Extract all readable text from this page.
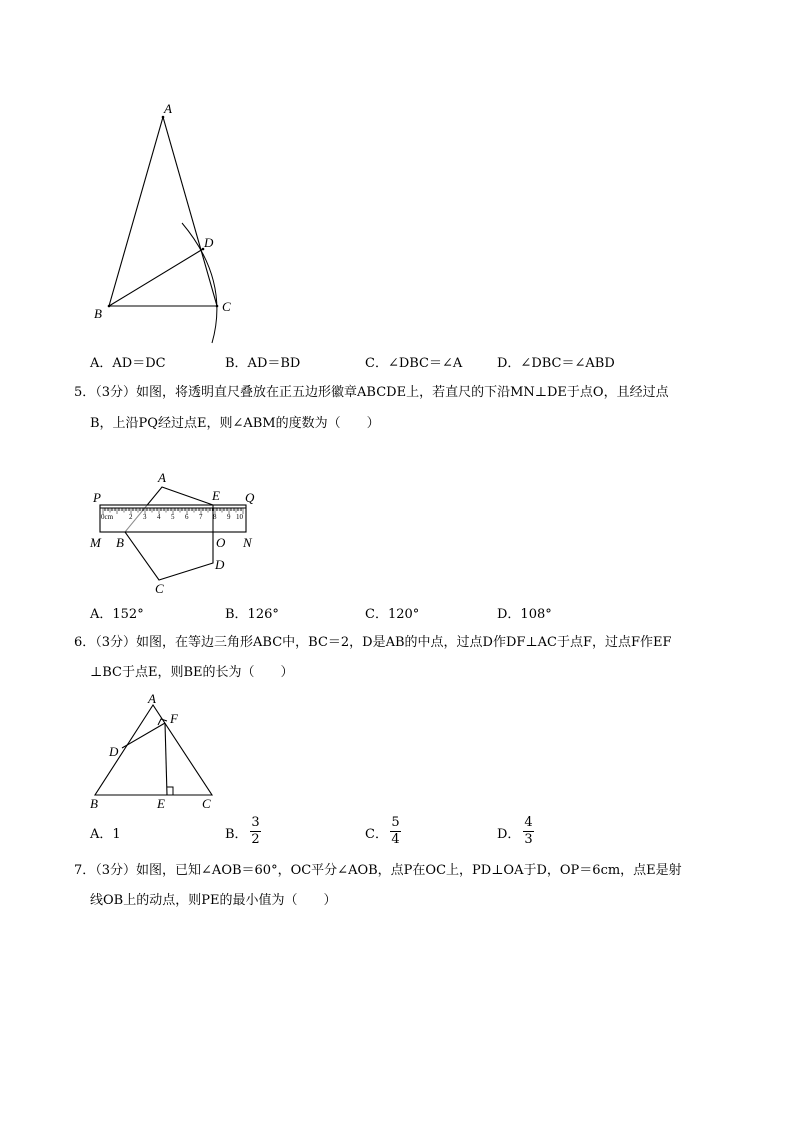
A
B	C
D
A．AD＝DC	B．AD＝BD	C．∠DBC＝∠A	D．∠DBC＝∠ABD
5．（3分）如图，将透明直尺叠放在正五边形徽章ABCDE上，若直尺的下沿MN⊥DE于点O，且经过点
B，上沿PQ经过点E，则∠ABM的度数为（　　）
0cm 2 3 4 5 6 7 8 9 10
P	Q
A
E
M B	O N
C
D
A．152°	B．126°	C．120°	D．108°
6．（3分）如图，在等边三角形ABC中，BC＝2，D是AB的中点，过点D作DF⊥AC于点F，过点F作EF
⊥BC于点E，则BE的长为（　　）
A
F
D
B	E	C
A．1	B．
3
2	C．
5
4	D．
4
3
7．（3分）如图，已知∠AOB＝60°，OC平分∠AOB，点P在OC上，PD⊥OA于D，OP＝6cm，点E是射
线OB上的动点，则PE的最小值为（　　）
